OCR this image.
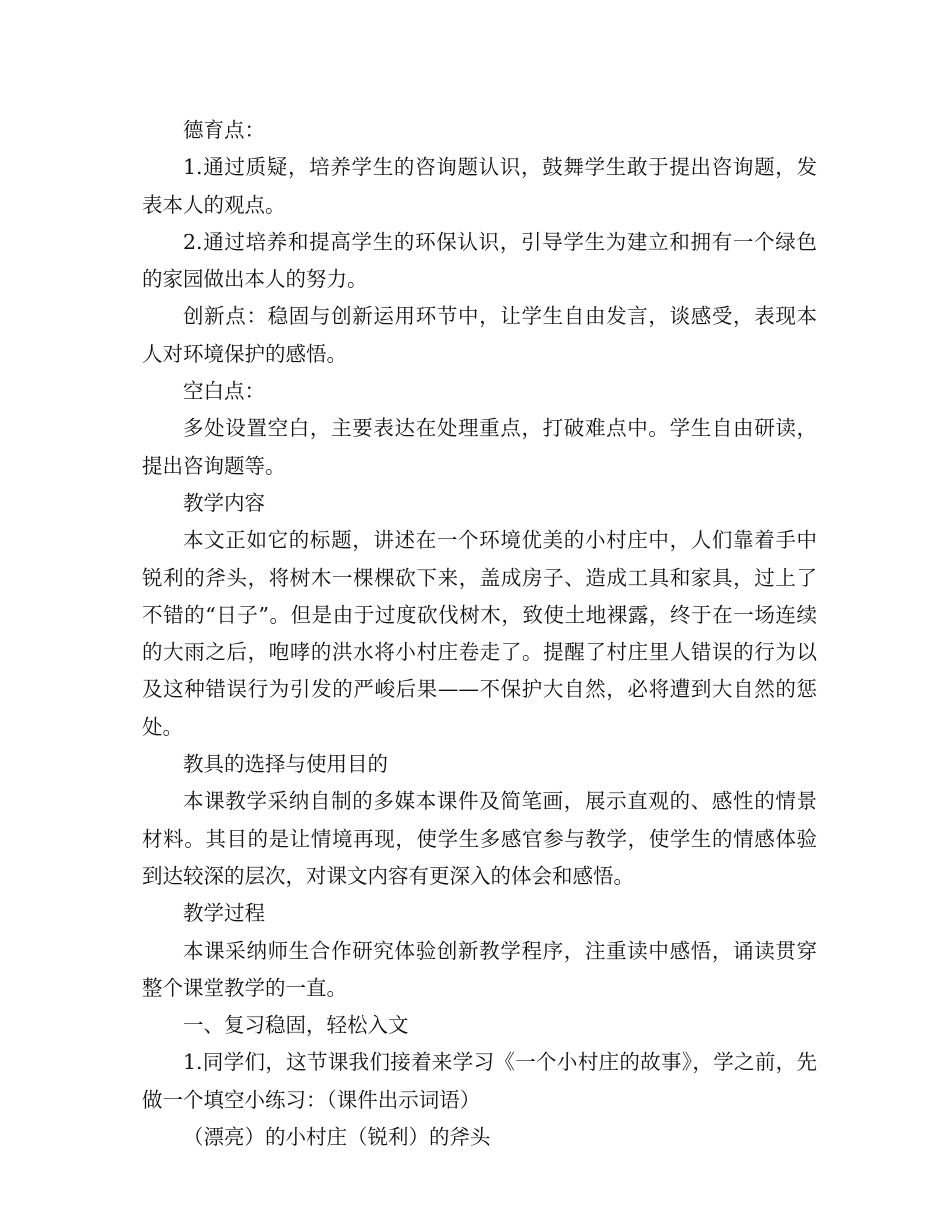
德育点：

1.通过质疑，培养学生的咨询题认识，鼓舞学生敢于提出咨询题，发表本人的观点。

2.通过培养和提高学生的环保认识，引导学生为建立和拥有一个绿色的家园做出本人的努力。

创新点：稳固与创新运用环节中，让学生自由发言，谈感受，表现本人对环境保护的感悟。

空白点：

多处设置空白，主要表达在处理重点，打破难点中。学生自由研读，提出咨询题等。

教学内容

本文正如它的标题，讲述在一个环境优美的小村庄中，人们靠着手中锐利的斧头，将树木一棵棵砍下来，盖成房子、造成工具和家具，过上了不错的“日子”。但是由于过度砍伐树木，致使土地裸露，终于在一场连续的大雨之后，咆哮的洪水将小村庄卷走了。提醒了村庄里人错误的行为以及这种错误行为引发的严峻后果——不保护大自然，必将遭到大自然的惩处。

教具的选择与使用目的

本课教学采纳自制的多媒本课件及简笔画，展示直观的、感性的情景材料。其目的是让情境再现，使学生多感官参与教学，使学生的情感体验到达较深的层次，对课文内容有更深入的体会和感悟。

教学过程

本课采纳师生合作研究体验创新教学程序，注重读中感悟，诵读贯穿整个课堂教学的一直。

一、复习稳固，轻松入文

1.同学们，这节课我们接着来学习《一个小村庄的故事》，学之前，先做一个填空小练习：（课件出示词语）

（漂亮）的小村庄（锐利）的斧头
